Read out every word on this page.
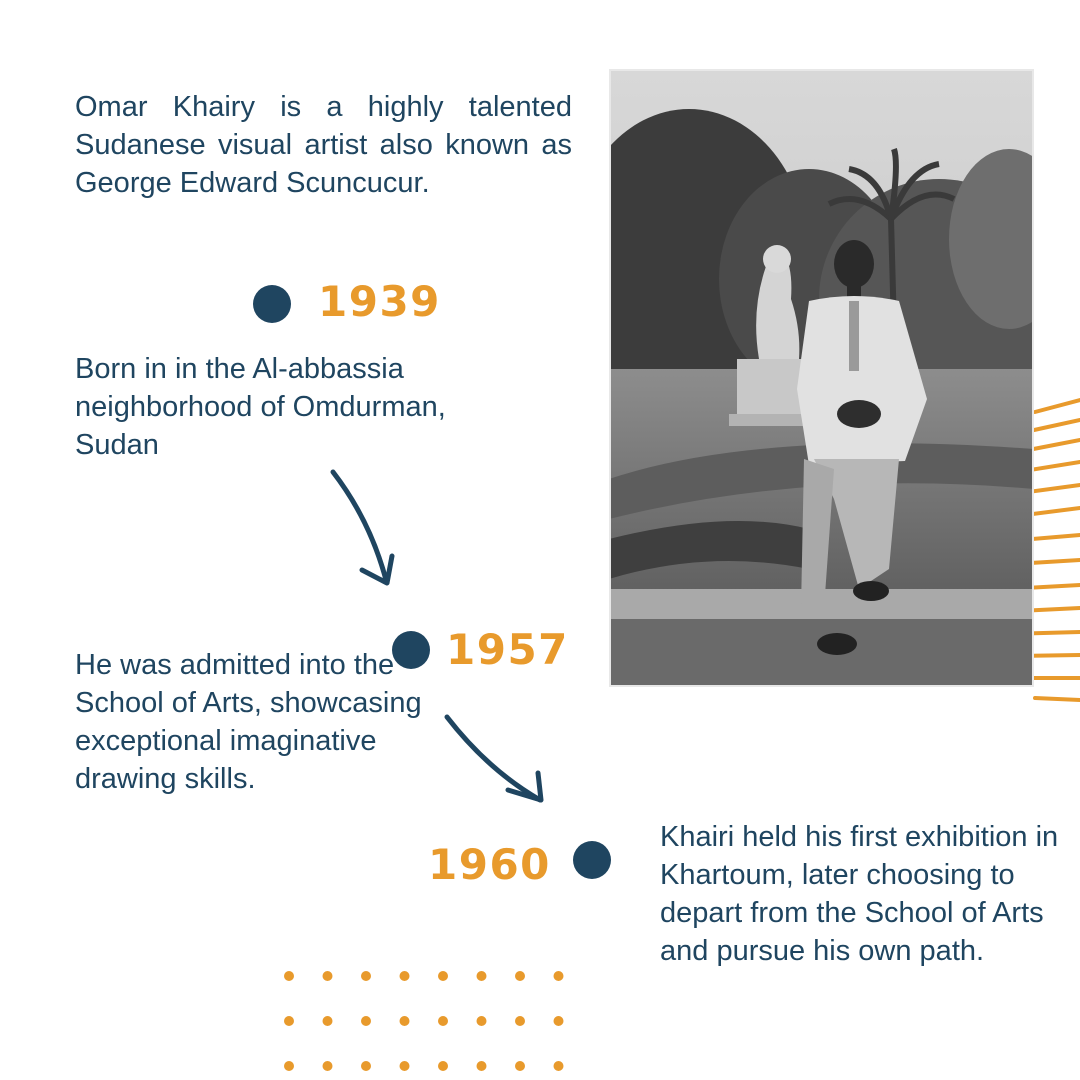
Omar Khairy is a highly talented Sudanese visual artist also known as George Edward Scuncucur.

1939

Born in in the Al-abbassia neighborhood of Omdurman, Sudan

1957

He was admitted into the School of Arts, showcasing exceptional imaginative drawing skills.

1960

Khairi held his first exhibition in Khartoum, later choosing to depart from the School of Arts and pursue his own path.
